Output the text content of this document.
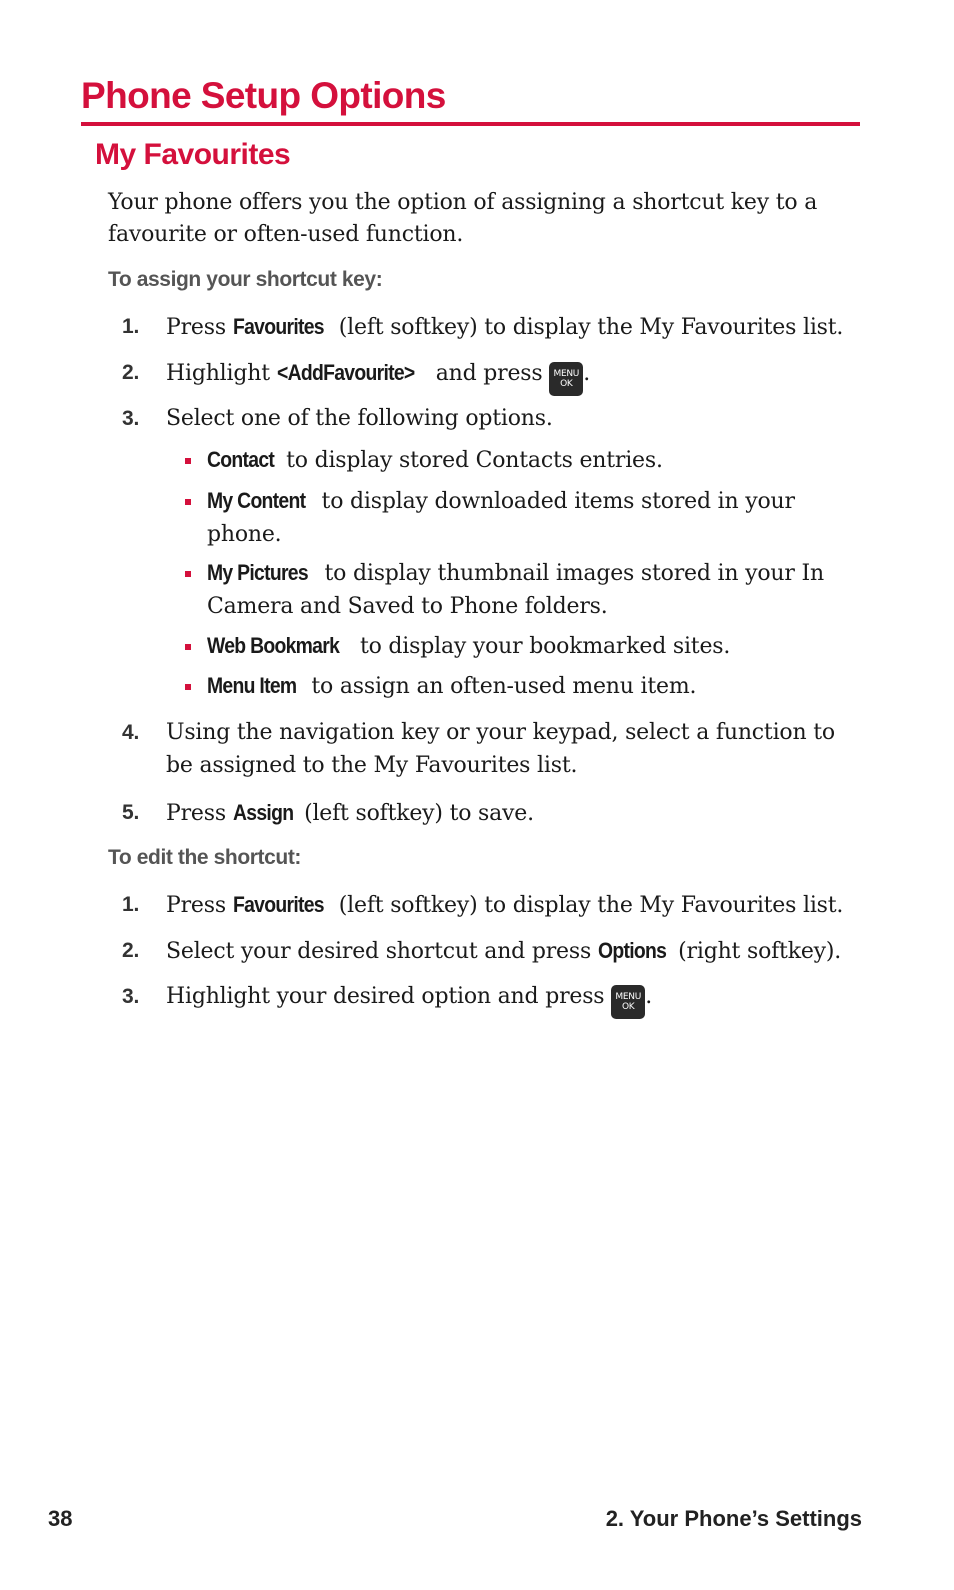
Phone Setup Options
My Favourites
Your phone offers you the option of assigning a shortcut key to a favourite or often-used function.
To assign your shortcut key:
1.	Press Favourites (left softkey) to display the My Favourites list.
2.	Highlight <AddFavourite> and press MENU
OK .
3.	Select one of the following options.
Contact to display stored Contacts entries.
My Content to display downloaded items stored in your phone.
My Pictures to display thumbnail images stored in your In Camera and Saved to Phone folders.
Web Bookmark to display your bookmarked sites.
Menu Item to assign an often-used menu item.
4.	Using the navigation key or your keypad, select a function to be assigned to the My Favourites list.
5.	Press Assign (left softkey) to save.
To edit the shortcut:
1.	Press Favourites (left softkey) to display the My Favourites list.
2.	Select your desired shortcut and press Options (right softkey).
3.	Highlight your desired option and press MENU
OK .
38	2. Your Phone’s Settings
